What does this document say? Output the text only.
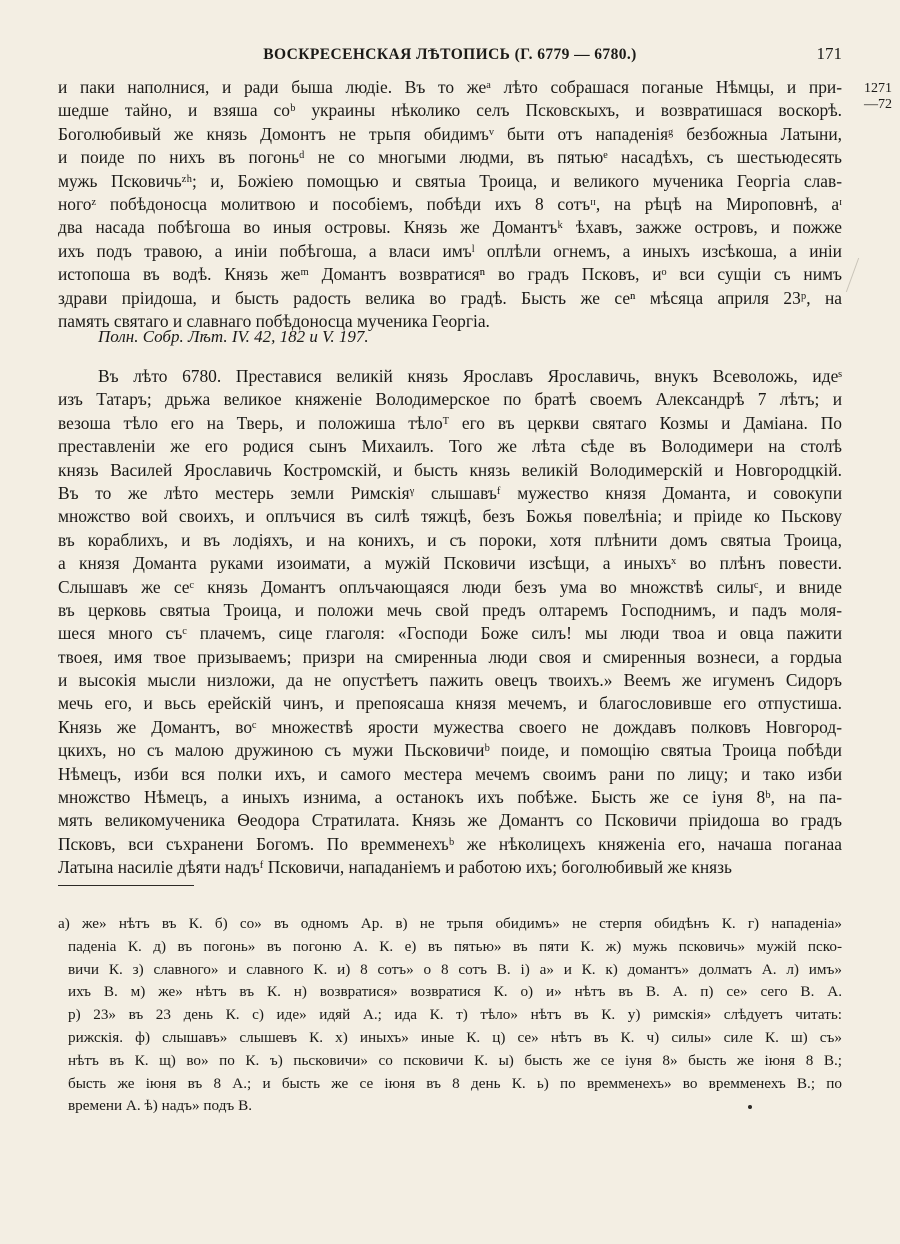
ВОСКРЕСЕНСКАЯ ЛѢТОПИСЬ (Г. 6779 — 6780.)	171
1271
—72
и паки наполнися, и ради быша людіе. Въ то жеᵃ лѣто собрашася поганые Нѣмцы, и при-
шедше тайно, и взяша соᵇ украины нѣколико селъ Псковскыхъ, и возвратишася воскорѣ.
Боголюбивый же князь Домонтъ не трьпя обидимъᵛ быти отъ нападеніяᵍ безбожныа Латыни,
и поиде по нихъ въ погоньᵈ не со многыми людми, въ пятьюᵉ насадѣхъ, съ шестьюдесять
мужь Псковичьᶻʰ; и, Божіею помощью и святыа Троица, и великого мученика Георгіа слав-
ногоᶻ побѣдоносца молитвою и пособіемъ, побѣди ихъ 8 сотъᶦᶦ, на рѣцѣ на Мироповнѣ, аᶦ
два насада побѣгоша во иныя островы. Князь же Домантъᵏ ѣхавъ, зажже островъ, и пожже
ихъ подъ травою, а иніи побѣгоша, а власи имъˡ оплѣли огнемъ, а иныхъ изсѣкоша, а иніи
истопоша въ водѣ. Князь жеᵐ Домантъ возвратисяⁿ во градъ Псковъ, иᵒ вси сущіи съ нимъ
здрави пріидоша, и бысть радость велика во градѣ. Бысть же сеⁿ мѣсяца априля 23ᵖ, на
память святаго и славнаго побѣдоносца мученика Георгіа.
Полн. Собр. Лѣт. IV. 42, 182 и V. 197.
Въ лѣто 6780. Преставися великій князь Ярославъ Ярославичь, внукъ Всеволожь, идеˢ
изъ Татаръ; дрьжа великое княженіе Володимерское по братѣ своемъ Александрѣ 7 лѣтъ; и
везоша тѣло его на Тверь, и положиша тѣлоᵀ его въ церкви святаго Козмы и Даміана. По
преставленіи же его родися сынъ Михаилъ. Того же лѣта сѣде въ Володимери на столѣ
князь Василей Ярославичь Костромскій, и бысть князь великій Володимерскій и Новгородцкій.
Въ то же лѣто местерь земли Римскіяᵞ слышавъᶠ мужество князя Доманта, и совокупи
множство вой своихъ, и оплъчися въ силѣ тяжцѣ, безъ Божья повелѣніа; и пріиде ко Пьскову
въ кораблихъ, и въ лодіяхъ, и на конихъ, и съ пороки, хотя плѣнити домъ святыа Троица,
а князя Доманта руками изоимати, а мужій Псковичи изсѣщи, а иныхъˣ во плѣнъ повести.
Слышавъ же сеᶜ князь Домантъ оплъчающаяся люди безъ ума во множствѣ силыᶜ, и вниде
въ церковь святыа Троица, и положи мечь свой предъ олтаремъ Господнимъ, и падъ моля-
шеся много съᶜ плачемъ, сице глаголя: «Господи Боже силъ! мы люди твоа и овца пажити
твоея, имя твое призываемъ; призри на смиренныа люди своя и смиренныя вознеси, а гордыа
и высокія мысли низложи, да не опустѣетъ пажить овецъ твоихъ.» Веемъ же игуменъ Сидоръ
мечь его, и вьсь ерейскій чинъ, и препоясаша князя мечемъ, и благословивше его отпустиша.
Князь же Домантъ, воᶜ множествѣ ярости мужества своего не дождавъ полковъ Новгород-
цкихъ, но съ малою дружиною съ мужи Пьсковичиᵇ поиде, и помощію святыа Троица побѣди
Нѣмецъ, изби вся полки ихъ, и самого местера мечемъ своимъ рани по лицу; и тако изби
множство Нѣмецъ, а иныхъ изнима, а останокъ ихъ побѣже. Бысть же се іуня 8ᵇ, на па-
мять великомученика Ѳеодора Стратилата. Князь же Домантъ со Псковичи пріидоша во градъ
Псковъ, вси съхранени Богомъ. По времменехъᵇ же нѣколицехъ княженіа его, начаша поганаа
Латына насиліе дѣяти надъᶠ Псковичи, нападаніемъ и работою ихъ; боголюбивый же князь
а) же» нѣтъ въ К. б) со» въ одномъ Ар. в) не трьпя обидимъ» не стерпя обидѣнъ К. г) нападеніа»
паденіа К. д) въ погонь» въ погоню А. К. е) въ пятью» въ пяти К. ж) мужь псковичь» мужій пско-
вичи К. з) славного» и славного К. и) 8 сотъ» о 8 сотъ В. і) а» и К. к) домантъ» долматъ А. л) имъ»
ихъ В. м) же» нѣтъ въ К. н) возвратися» возвратися К. о) и» нѣтъ въ В. А. п) се» сего В. А.
р) 23» въ 23 день К. с) иде» идяй А.; ида К. т) тѣло» нѣтъ въ К. у) римскія» слѣдуетъ читать:
рижскія. ф) слышавъ» слышевъ К. х) иныхъ» иные К. ц) се» нѣтъ въ К. ч) силы» силе К. ш) съ»
нѣтъ въ К. щ) во» по К. ъ) пьсковичи» со псковичи К. ы) бысть же се іуня 8» бысть же іюня 8 В.;
бысть же іюня въ 8 А.; и бысть же се іюня въ 8 день К. ь) по времменехъ» во времменехъ В.; по
времени А. ѣ) надъ» подъ В.
